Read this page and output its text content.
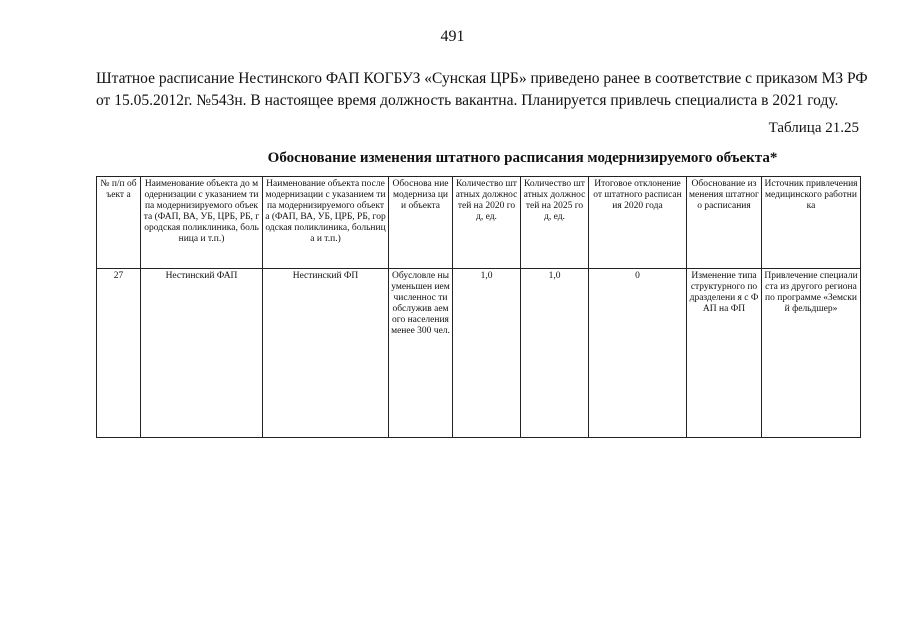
491
Штатное расписание Нестинского ФАП КОГБУЗ «Сунская ЦРБ» приведено ранее в соответствие с приказом МЗ РФ
от 15.05.2012г. №543н. В настоящее время должность вакантна. Планируется привлечь специалиста в 2021 году.
Таблица 21.25
Обоснование изменения штатного расписания модернизируемого объекта*
№ п/п объект а	Наименование объекта до модернизации с указанием типа модернизируемого объекта (ФАП, ВА, УБ, ЦРБ, РБ, городская поликлиника, больница и т.п.)	Наименование объекта после модернизации с указанием типа модернизируемого объекта (ФАП, ВА, УБ, ЦРБ, РБ, городская поликлиника, больница и т.п.)	Обоснова ние модерниза ции объекта	Количество штатных должностей на 2020 год, ед.	Количество штатных должностей на 2025 год, ед.	Итоговое отклонение от штатного расписания 2020 года	Обоснование изменения штатного расписания	Источник привлечения медицинского работника
27	Нестинский ФАП	Нестинский ФП	Обусловле ны уменьшен ием численнос ти обслужив аемого населения менее 300 чел.	1,0	1,0	0	Изменение типа структурного подразделени я с ФАП на ФП	Привлечение специалиста из другого региона по программе «Земский фельдшер»
